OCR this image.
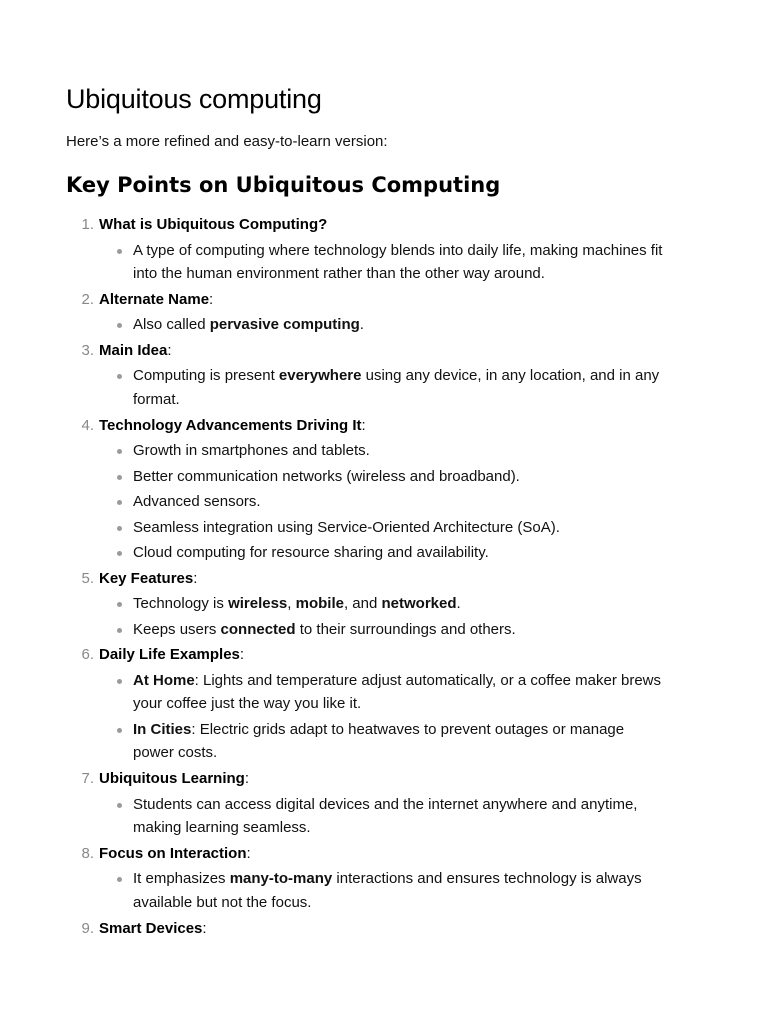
Ubiquitous computing

Here’s a more refined and easy-to-learn version:

Key Points on Ubiquitous Computing
1. What is Ubiquitous Computing?
A type of computing where technology blends into daily life, making machines fit into the human environment rather than the other way around.
2. Alternate Name:
Also called pervasive computing.
3. Main Idea:
Computing is present everywhere using any device, in any location, and in any format.
4. Technology Advancements Driving It:
Growth in smartphones and tablets.
Better communication networks (wireless and broadband).
Advanced sensors.
Seamless integration using Service-Oriented Architecture (SoA).
Cloud computing for resource sharing and availability.
5. Key Features:
Technology is wireless, mobile, and networked.
Keeps users connected to their surroundings and others.
6. Daily Life Examples:
At Home: Lights and temperature adjust automatically, or a coffee maker brews your coffee just the way you like it.
In Cities: Electric grids adapt to heatwaves to prevent outages or manage power costs.
7. Ubiquitous Learning:
Students can access digital devices and the internet anywhere and anytime, making learning seamless.
8. Focus on Interaction:
It emphasizes many-to-many interactions and ensures technology is always available but not the focus.
9. Smart Devices:
